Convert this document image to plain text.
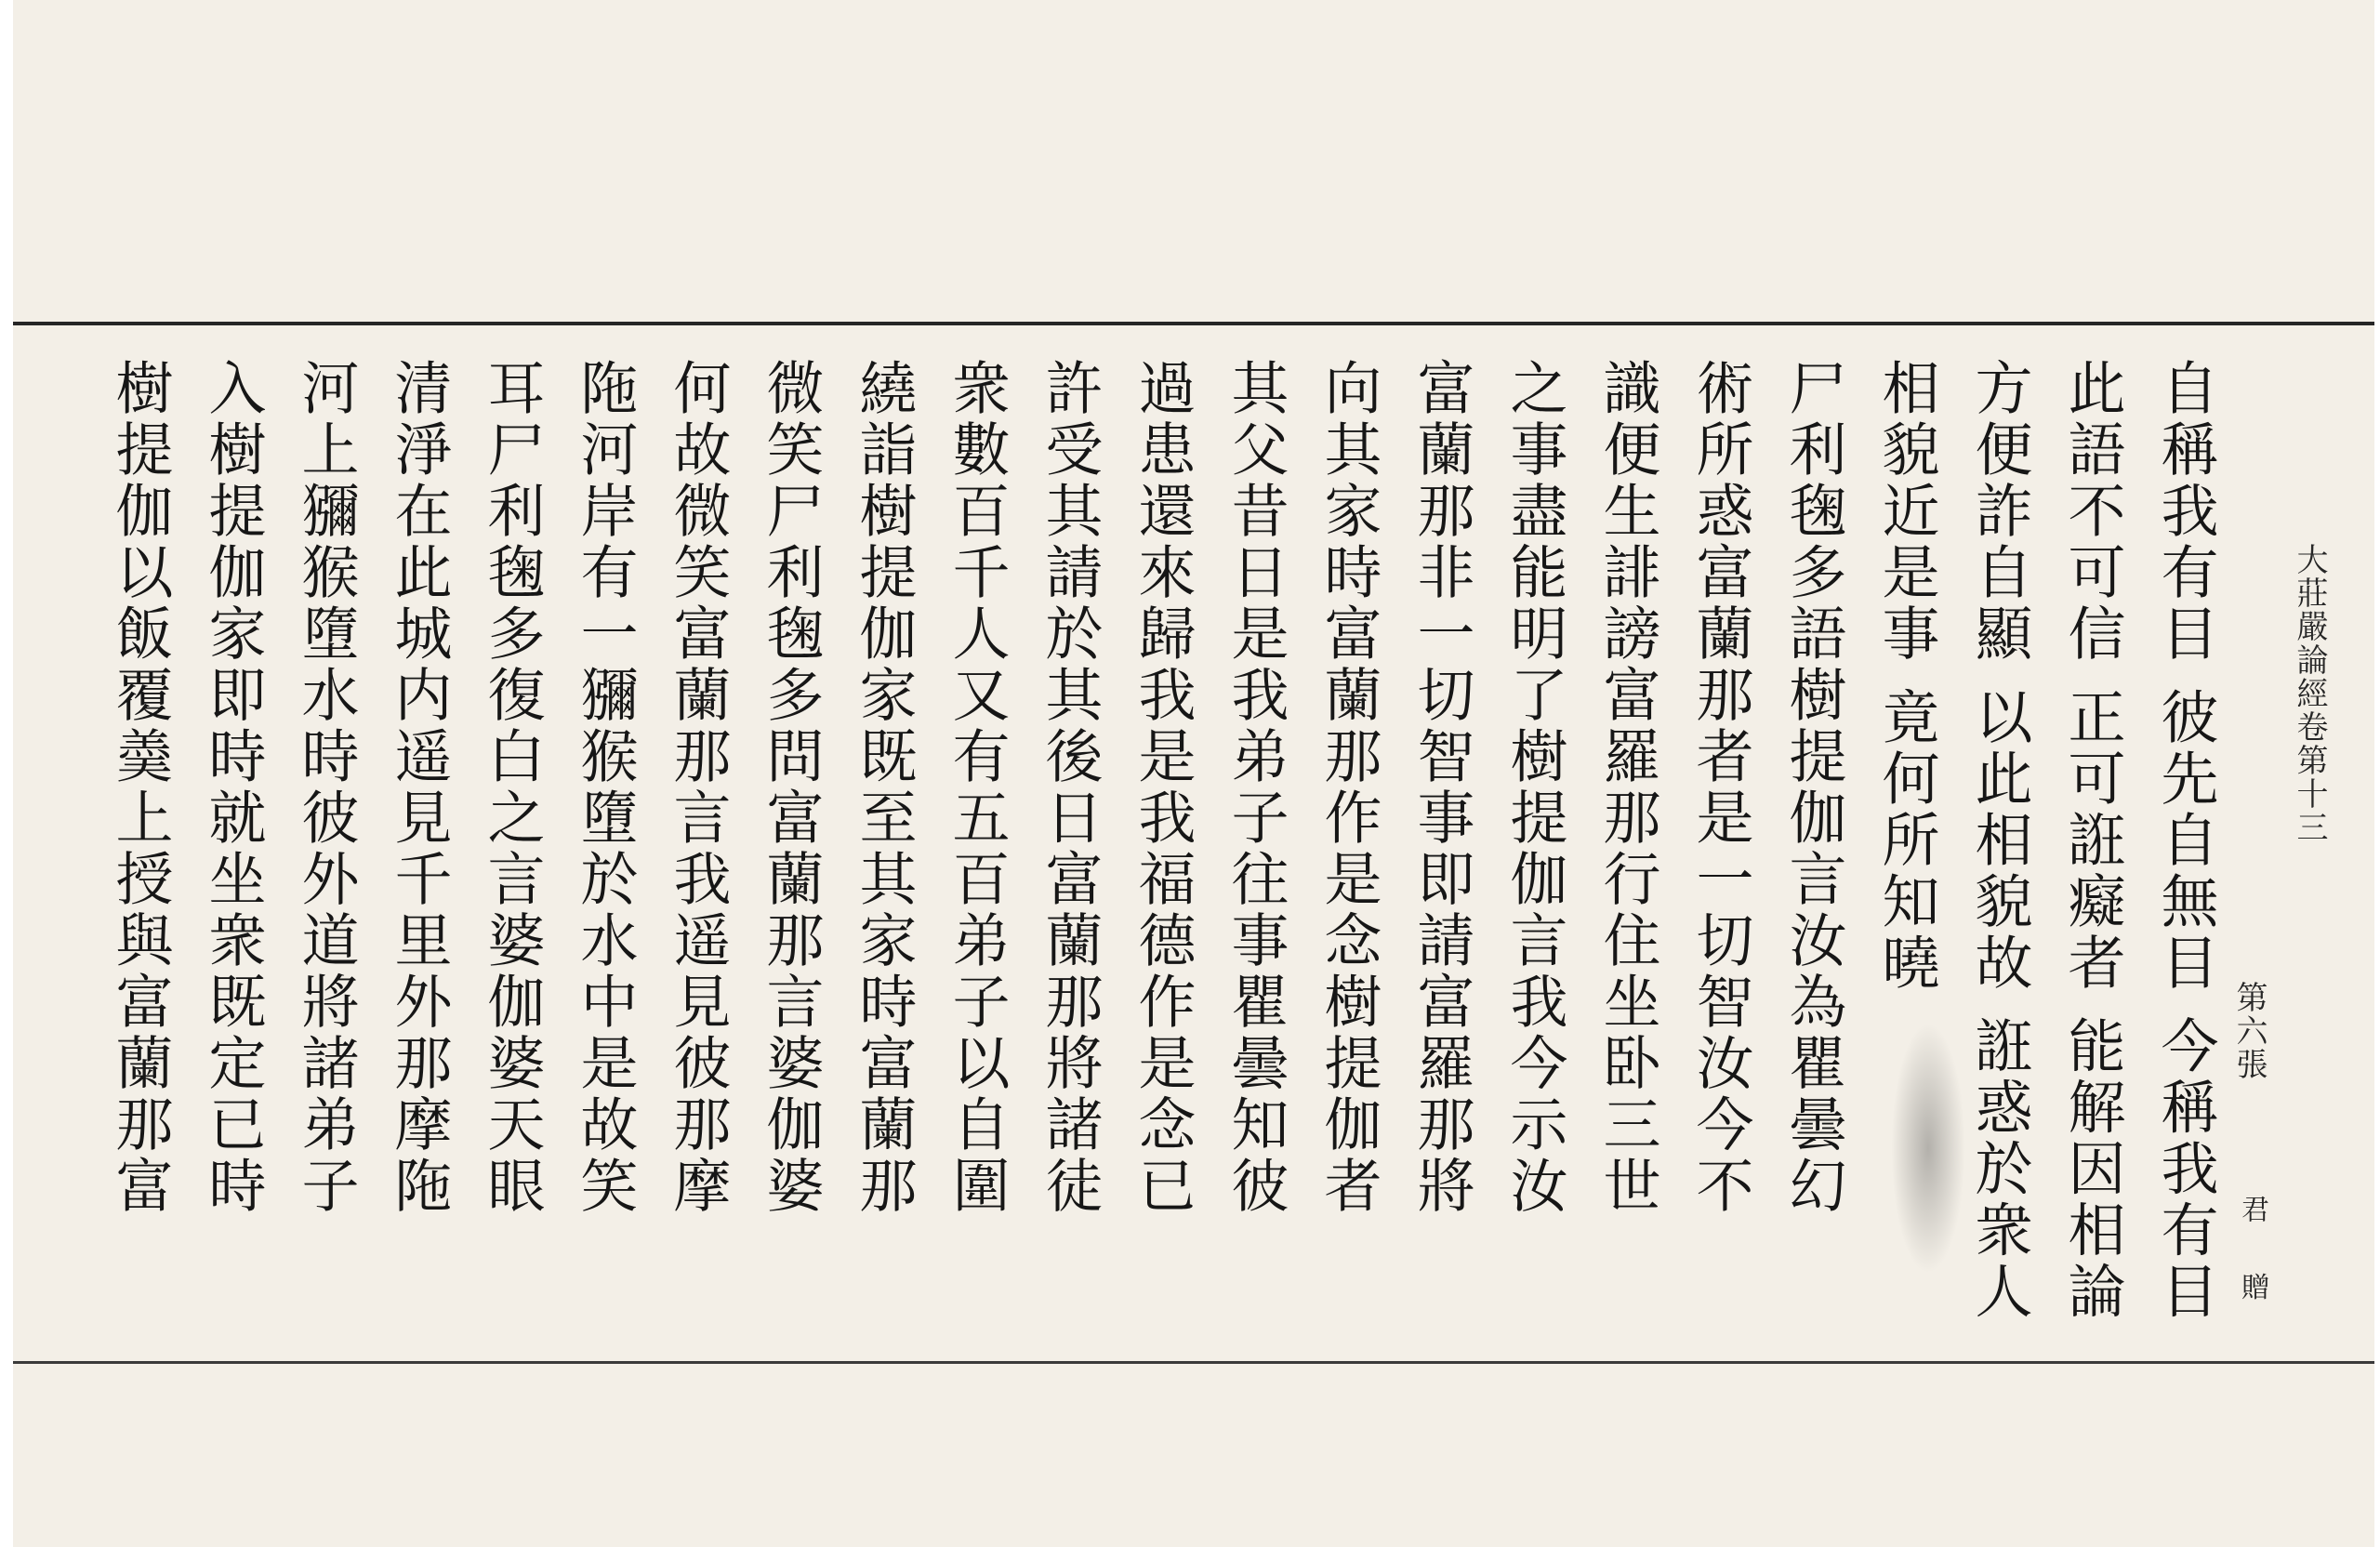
大莊嚴論經卷第十三
第六張
君 贈
自稱我有目 彼先自無目 今稱我有目
此語不可信 正可誑癡者 能解因相論
方便詐自顯 以此相貌故 誑惑於衆人
相貌近是事 竟何所知曉
尸利毱多語樹提伽言汝為瞿曇幻
術所惑富蘭那者是一切智汝今不
識便生誹謗富羅那行住坐卧三世
之事盡能明了樹提伽言我今示汝
富蘭那非一切智事即請富羅那將
向其家時富蘭那作是念樹提伽者
其父昔日是我弟子往事瞿曇知彼
過患還來歸我是我福德作是念已
許受其請於其後日富蘭那將諸徒
衆數百千人又有五百弟子以自圍
繞詣樹提伽家既至其家時富蘭那
微笑尸利毱多問富蘭那言婆伽婆
何故微笑富蘭那言我遥見彼那摩
陁河岸有一獼猴墮於水中是故笑
耳尸利毱多復白之言婆伽婆天眼
清淨在此城内遥見千里外那摩陁
河上獼猴墮水時彼外道將諸弟子
入樹提伽家即時就坐衆既定已時
樹提伽以飯覆羮上授與富蘭那富
